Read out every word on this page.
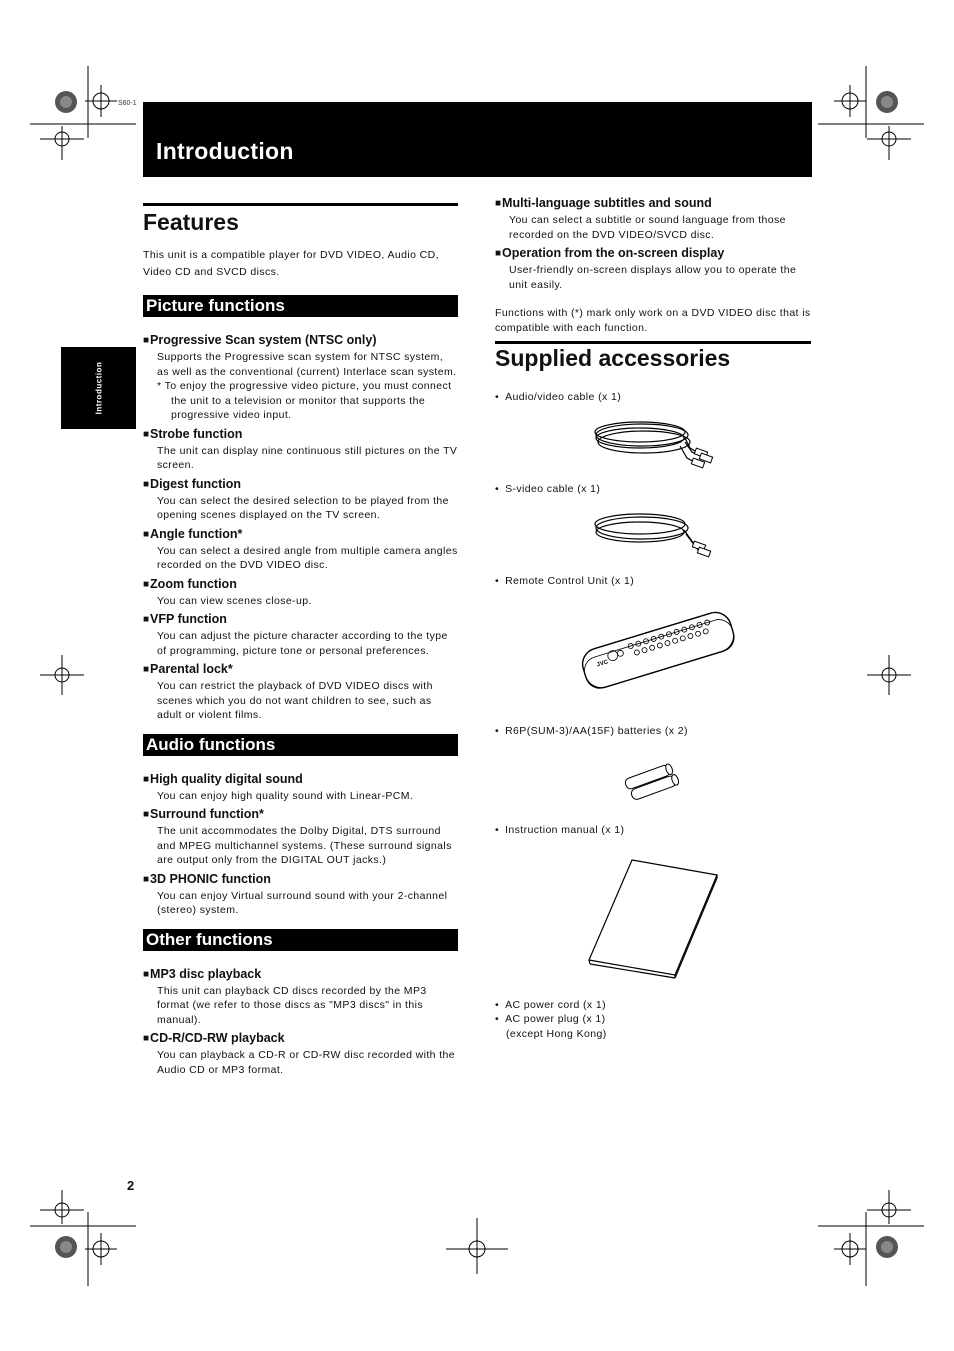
S60-1
Introduction
Introduction
Features

This unit is a compatible player for DVD VIDEO, Audio CD, Video CD and SVCD discs.

Picture functions
■ Progressive Scan system (NTSC only)
Supports the Progressive scan system for NTSC system, as well as the conventional (current) Interlace scan system.
* To enjoy the progressive video picture, you must connect the unit to a television or monitor that supports the progressive video input.
■ Strobe function
The unit can display nine continuous still pictures on the TV screen.
■ Digest function
You can select the desired selection to be played from the opening scenes displayed on the TV screen.
■ Angle function*
You can select a desired angle from multiple camera angles recorded on the DVD VIDEO disc.
■ Zoom function
You can view scenes close-up.
■ VFP function
You can adjust the picture character according to the type of programming, picture tone or personal preferences.
■ Parental lock*
You can restrict the playback of DVD VIDEO discs with scenes which you do not want children to see, such as adult or violent films.
Audio functions
■ High quality digital sound
You can enjoy high quality sound with Linear-PCM.
■ Surround function*
The unit accommodates the Dolby Digital, DTS surround and MPEG multichannel systems. (These surround signals are output only from the DIGITAL OUT jacks.)
■ 3D PHONIC function
You can enjoy Virtual surround sound with your 2-channel (stereo) system.
Other functions
■ MP3 disc playback
This unit can playback CD discs recorded by the MP3 format (we refer to those discs as "MP3 discs" in this manual).
■ CD-R/CD-RW playback
You can playback a CD-R or CD-RW disc recorded with the Audio CD or MP3 format.
■ Multi-language subtitles and sound
You can select a subtitle or sound language from those recorded on the DVD VIDEO/SVCD disc.
■ Operation from the on-screen display
User-friendly on-screen displays allow you to operate the unit easily.

Functions with (*) mark only work on a DVD VIDEO disc that is compatible with each function.

Supplied accessories
• Audio/video cable (x 1)
• S-video cable (x 1)
• Remote Control Unit (x 1)
• R6P(SUM-3)/AA(15F) batteries (x 2)
• Instruction manual (x 1)
• AC power cord (x 1)
• AC power plug (x 1)
(except Hong Kong)
JVC
2
